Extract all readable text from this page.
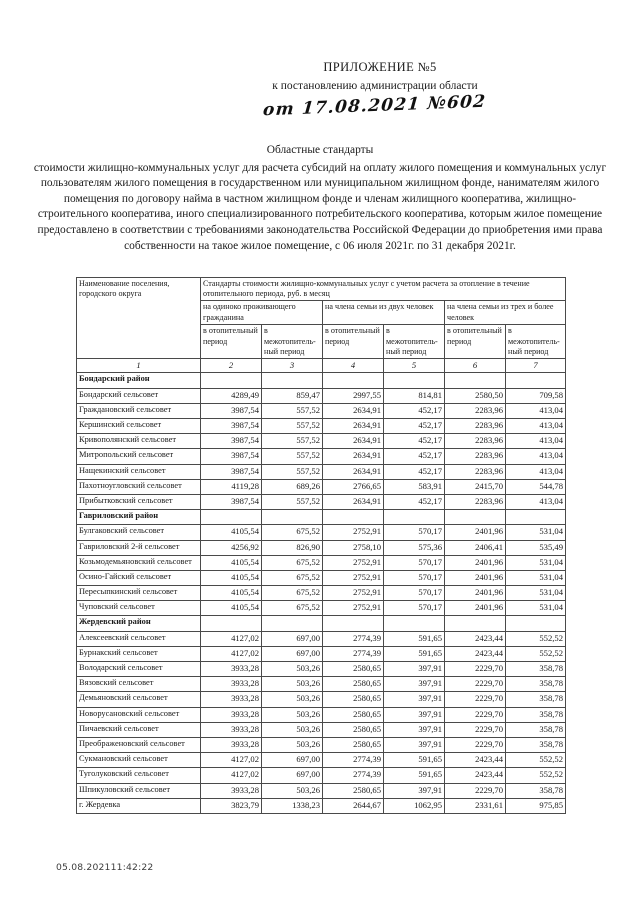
ПРИЛОЖЕНИЕ №5
к постановлению администрации области
от 17.08.2021 №602
Областные стандарты
стоимости жилищно-коммунальных услуг для расчета субсидий на оплату жилого помещения и коммунальных услуг пользователям жилого помещения в государственном или муниципальном жилищном фонде, нанимателям жилого помещения по договору найма в частном жилищном фонде и членам жилищного кооператива, жилищно-строительного кооператива, иного специализированного потребительского кооператива, которым жилое помещение предоставлено в соответствии с требованиями законодательства Российской Федерации до приобретения ими права собственности на такое жилое помещение, с 06 июля 2021г. по 31 декабря 2021г.
Наименование поселения, городского округа	Стандарты стоимости жилищно-коммунальных услуг с учетом расчета за отопление в течение отопительного периода, руб. в месяц					
	на одиноко проживающего гражданина		на члена семьи из двух человек		на члена семьи из трех и более человек	
	в отопительный период	в межотопитель-ный период	в отопительный период	в межотопитель-ный период	в отопительный период	в межотопитель-ный период
1	2	3	4	5	6	7
Бондарский район						
Бондарский сельсовет	4289,49	859,47	2997,55	814,81	2580,50	709,58
Граждановский сельсовет	3987,54	557,52	2634,91	452,17	2283,96	413,04
Кершинский сельсовет	3987,54	557,52	2634,91	452,17	2283,96	413,04
Кривополянский сельсовет	3987,54	557,52	2634,91	452,17	2283,96	413,04
Митропольский сельсовет	3987,54	557,52	2634,91	452,17	2283,96	413,04
Нащекинский сельсовет	3987,54	557,52	2634,91	452,17	2283,96	413,04
Пахотноугловский сельсовет	4119,28	689,26	2766,65	583,91	2415,70	544,78
Прибытковский сельсовет	3987,54	557,52	2634,91	452,17	2283,96	413,04
Гавриловский район						
Булгаковский сельсовет	4105,54	675,52	2752,91	570,17	2401,96	531,04
Гавриловский 2-й сельсовет	4256,92	826,90	2758,10	575,36	2406,41	535,49
Козьмодемьяновский сельсовет	4105,54	675,52	2752,91	570,17	2401,96	531,04
Осино-Гайский сельсовет	4105,54	675,52	2752,91	570,17	2401,96	531,04
Пересыпкинский сельсовет	4105,54	675,52	2752,91	570,17	2401,96	531,04
Чуповский сельсовет	4105,54	675,52	2752,91	570,17	2401,96	531,04
Жердевский район						
Алексеевский сельсовет	4127,02	697,00	2774,39	591,65	2423,44	552,52
Бурнакский сельсовет	4127,02	697,00	2774,39	591,65	2423,44	552,52
Володарский сельсовет	3933,28	503,26	2580,65	397,91	2229,70	358,78
Вязовский сельсовет	3933,28	503,26	2580,65	397,91	2229,70	358,78
Демьяновский сельсовет	3933,28	503,26	2580,65	397,91	2229,70	358,78
Новорусановский сельсовет	3933,28	503,26	2580,65	397,91	2229,70	358,78
Пичаевский сельсовет	3933,28	503,26	2580,65	397,91	2229,70	358,78
Преображеновский сельсовет	3933,28	503,26	2580,65	397,91	2229,70	358,78
Сукмановский сельсовет	4127,02	697,00	2774,39	591,65	2423,44	552,52
Туголуковский сельсовет	4127,02	697,00	2774,39	591,65	2423,44	552,52
Шпикуловский сельсовет	3933,28	503,26	2580,65	397,91	2229,70	358,78
г. Жердевка	3823,79	1338,23	2644,67	1062,95	2331,61	975,85
05.08.202111:42:22
